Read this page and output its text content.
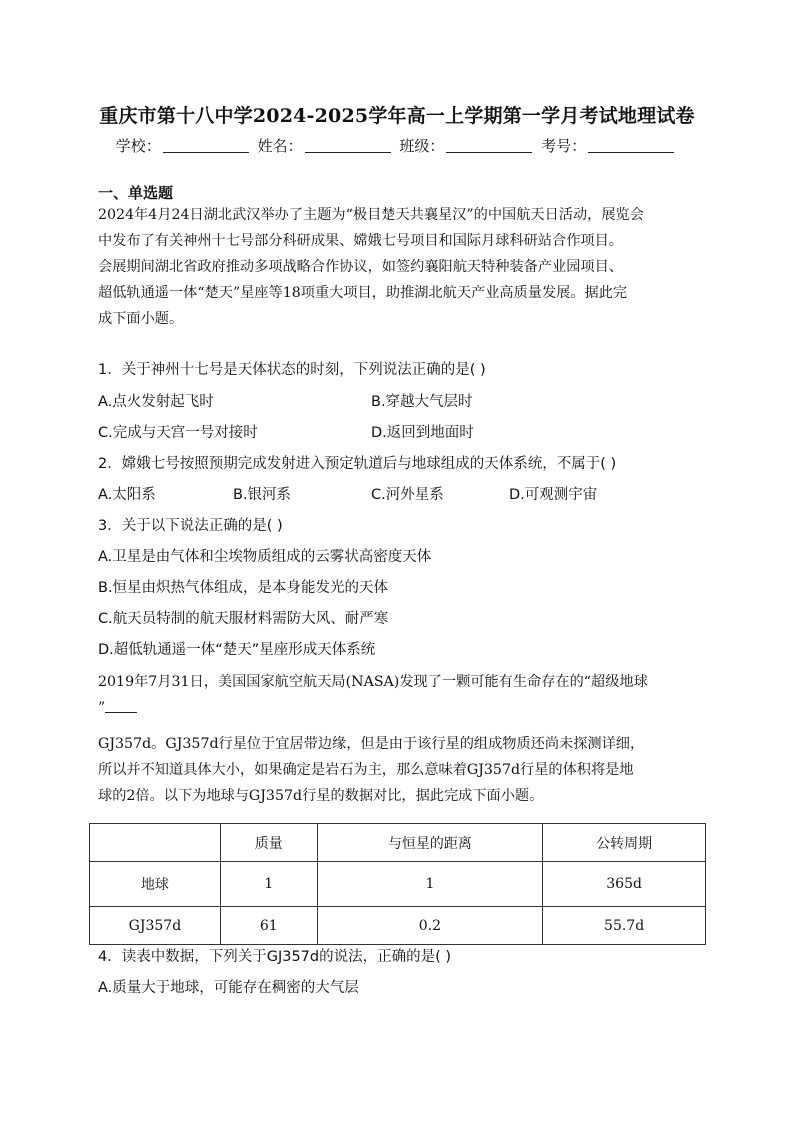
重庆市第十八中学2024-2025学年高一上学期第一学月考试地理试卷
学校：	姓名：	班级：	考号：
一、单选题
2024年4月24日湖北武汉举办了主题为“极目楚天共襄星汉”的中国航天日活动，展览会
中发布了有关神州十七号部分科研成果、嫦娥七号项目和国际月球科研站合作项目。
会展期间湖北省政府推动多项战略合作协议，如签约襄阳航天特种装备产业园项目、
超低轨通遥一体“楚天”星座等18项重大项目，助推湖北航天产业高质量发展。据此完
成下面小题。
1．关于神州十七号是天体状态的时刻，下列说法正确的是( )
A.点火发射起飞时	B.穿越大气层时
C.完成与天宫一号对接时	D.返回到地面时
2．嫦娥七号按照预期完成发射进入预定轨道后与地球组成的天体系统，不属于( )
A.太阳系	B.银河系	C.河外星系	D.可观测宇宙
3．关于以下说法正确的是( )
A.卫星是由气体和尘埃物质组成的云雾状高密度天体
B.恒星由炽热气体组成，是本身能发光的天体
C.航天员特制的航天服材料需防大风、耐严寒
D.超低轨通遥一体“楚天”星座形成天体系统
2019年7月31日，美国国家航空航天局(NASA)发现了一颗可能有生命存在的“超级地球
”
GJ357d。GJ357d行星位于宜居带边缘，但是由于该行星的组成物质还尚未探测详细，
所以并不知道具体大小，如果确定是岩石为主，那么意味着GJ357d行星的体积将是地
球的2倍。以下为地球与GJ357d行星的数据对比，据此完成下面小题。
	质量	与恒星的距离	公转周期
地球	1	1	365d
GJ357d	61	0.2	55.7d
4．读表中数据，下列关于GJ357d的说法，正确的是( )
A.质量大于地球，可能存在稠密的大气层
